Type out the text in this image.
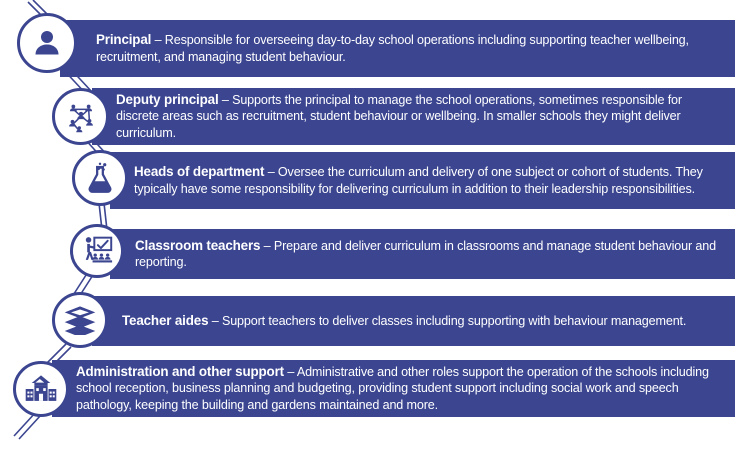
Principal – Responsible for overseeing day-to-day school operations including supporting teacher wellbeing, recruitment, and managing student behaviour.

Deputy principal – Supports the principal to manage the school operations, sometimes responsible for discrete areas such as recruitment, student behaviour or wellbeing. In smaller schools they might deliver curriculum.

Heads of department – Oversee the curriculum and delivery of one subject or cohort of students. They typically have some responsibility for delivering curriculum in addition to their leadership responsibilities.

Classroom teachers – Prepare and deliver curriculum in classrooms and manage student behaviour and reporting.

Teacher aides – Support teachers to deliver classes including supporting with behaviour management.

Administration and other support – Administrative and other roles support the operation of the schools including school reception, business planning and budgeting, providing student support including social work and speech pathology, keeping the building and gardens maintained and more.
